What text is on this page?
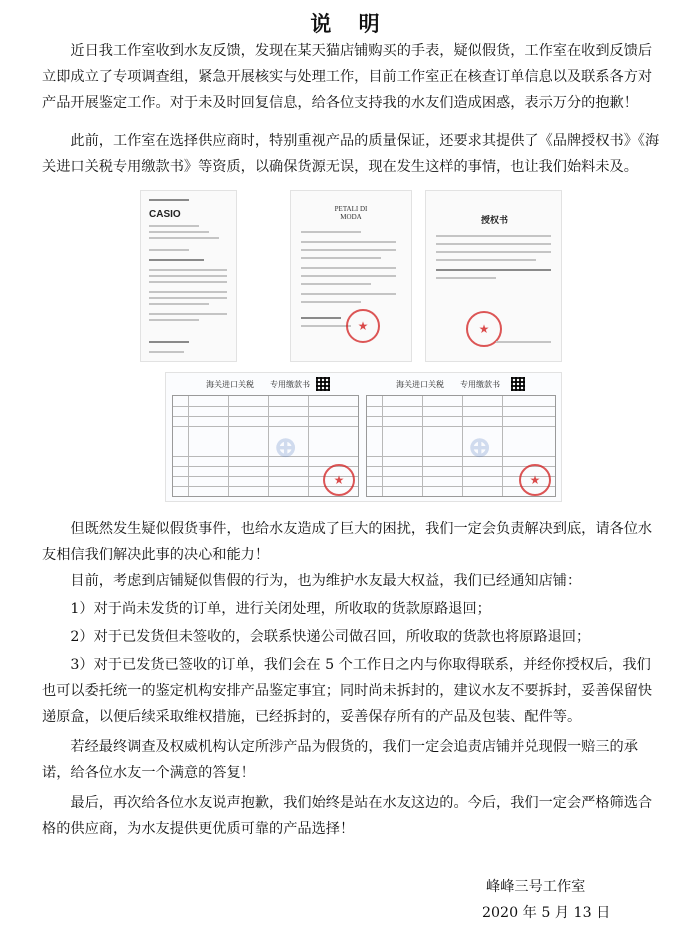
说 明

近日我工作室收到水友反馈，发现在某天猫店铺购买的手表，疑似假货，工作室在收到反馈后立即成立了专项调查组，紧急开展核实与处理工作，目前工作室正在核查订单信息以及联系各方对产品开展鉴定工作。对于未及时回复信息，给各位支持我的水友们造成困惑，表示万分的抱歉！

此前，工作室在选择供应商时，特别重视产品的质量保证，还要求其提供了《品牌授权书》《海关进口关税专用缴款书》等资质，以确保货源无误，现在发生这样的事情，也让我们始料未及。

CASIO	PETALI DI MODA
★	授权书
★
海关进口关税　　专用缴款书	海关进口关税　　专用缴款书
⊕
★	⊕
★

但既然发生疑似假货事件，也给水友造成了巨大的困扰，我们一定会负责解决到底，请各位水友相信我们解决此事的决心和能力！

目前，考虑到店铺疑似售假的行为，也为维护水友最大权益，我们已经通知店铺：

1）对于尚未发货的订单，进行关闭处理，所收取的货款原路退回；

2）对于已发货但未签收的，会联系快递公司做召回，所收取的货款也将原路退回；

3）对于已发货已签收的订单，我们会在 5 个工作日之内与你取得联系，并经你授权后，我们也可以委托统一的鉴定机构安排产品鉴定事宜；同时尚未拆封的，建议水友不要拆封，妥善保留快递原盒，以便后续采取维权措施，已经拆封的，妥善保存所有的产品及包装、配件等。

若经最终调查及权威机构认定所涉产品为假货的，我们一定会追责店铺并兑现假一赔三的承诺，给各位水友一个满意的答复！

最后，再次给各位水友说声抱歉，我们始终是站在水友这边的。今后，我们一定会严格筛选合格的供应商，为水友提供更优质可靠的产品选择！

峰峰三号工作室
2020 年 5 月 13 日
